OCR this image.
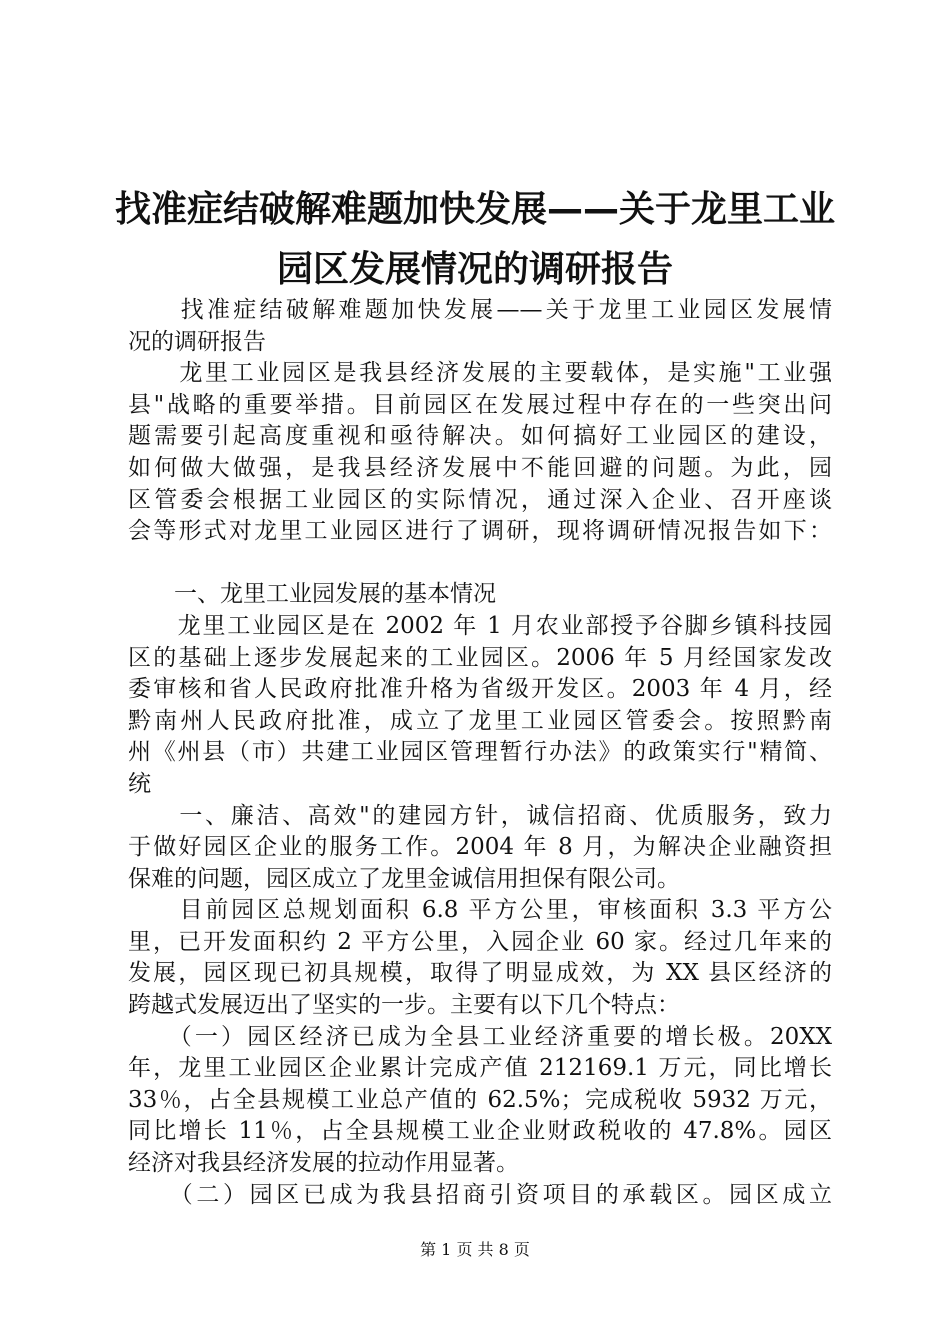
找准症结破解难题加快发展——关于龙里工业
园区发展情况的调研报告
　　找准症结破解难题加快发展——关于龙里工业园区发展情
况的调研报告
　　龙里工业园区是我县经济发展的主要载体，是实施"工业强
县"战略的重要举措。目前园区在发展过程中存在的一些突出问
题需要引起高度重视和亟待解决。如何搞好工业园区的建设，
如何做大做强，是我县经济发展中不能回避的问题。为此，园
区管委会根据工业园区的实际情况，通过深入企业、召开座谈
会等形式对龙里工业园区进行了调研，现将调研情况报告如下：
　　一、龙里工业园发展的基本情况
　　龙里工业园区是在 2002 年 1 月农业部授予谷脚乡镇科技园
区的基础上逐步发展起来的工业园区。2006 年 5 月经国家发改
委审核和省人民政府批准升格为省级开发区。2003 年 4 月，经
黔南州人民政府批准，成立了龙里工业园区管委会。按照黔南
州《州县（市）共建工业园区管理暂行办法》的政策实行"精简、
统
　　一、廉洁、高效"的建园方针，诚信招商、优质服务，致力
于做好园区企业的服务工作。2004 年 8 月，为解决企业融资担
保难的问题，园区成立了龙里金诚信用担保有限公司。
　　目前园区总规划面积 6.8 平方公里，审核面积 3.3 平方公
里，已开发面积约 2 平方公里，入园企业 60 家。经过几年来的
发展，园区现已初具规模，取得了明显成效，为 XX 县区经济的
跨越式发展迈出了坚实的一步。主要有以下几个特点：
　　（一）园区经济已成为全县工业经济重要的增长极。20XX
年，龙里工业园区企业累计完成产值 212169.1 万元，同比增长
33％，占全县规模工业总产值的 62.5%；完成税收 5932 万元，
同比增长 11％，占全县规模工业企业财政税收的 47.8%。园区
经济对我县经济发展的拉动作用显著。
　　（二）园区已成为我县招商引资项目的承载区。园区成立
第 1 页 共 8 页
